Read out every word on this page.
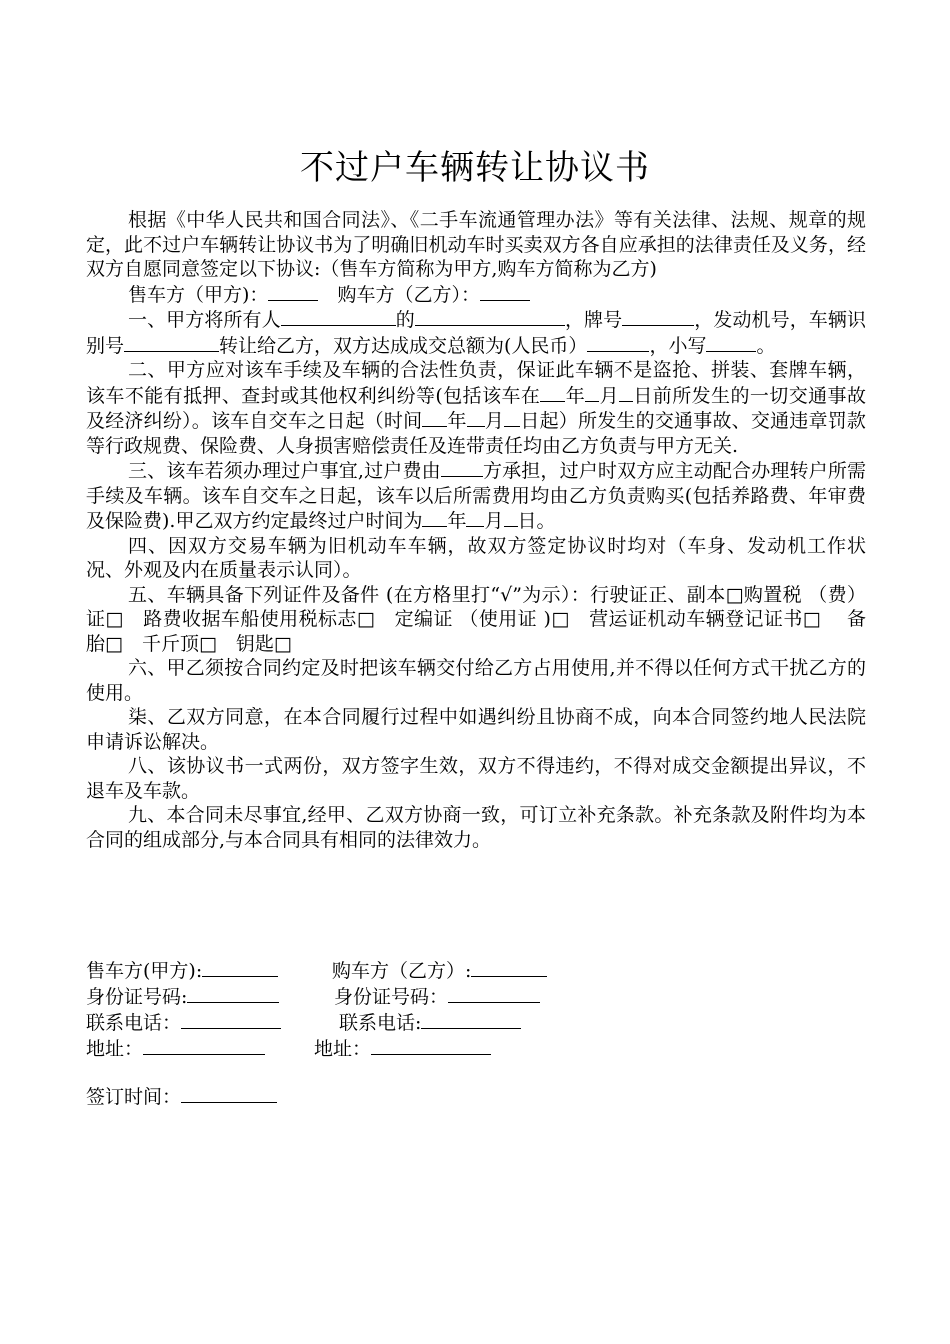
不过户车辆转让协议书

根据《中华人民共和国合同法》、《二手车流通管理办法》等有关法律、法规、规章的规定，此不过户车辆转让协议书为了明确旧机动车时买卖双方各自应承担的法律责任及义务，经双方自愿同意签定以下协议:（售车方简称为甲方,购车方简称为乙方)

售车方（甲方)：　	购车方（乙方）：

一、甲方将所有人	的	，牌号	，发动机号，车辆识别号	转让给乙方，双方达成成交总额为(人民币）	，小写	。

二、甲方应对该车手续及车辆的合法性负责，保证此车辆不是盗抢、拼装、套牌车辆，该车不能有抵押、查封或其他权利纠纷等(包括该车在 年 月 日前所发生的一切交通事故及经济纠纷）。该车自交车之日起（时间 年 月 日起）所发生的交通事故、交通违章罚款等行政规费、保险费、人身损害赔偿责任及连带责任均由乙方负责与甲方无关.

三、该车若须办理过户事宜,过户费由 方承担，过户时双方应主动配合办理转户所需手续及车辆。该车自交车之日起，该车以后所需费用均由乙方负责购买(包括养路费、年审费及保险费).甲乙双方约定最终过户时间为 年 月 日。

四、因双方交易车辆为旧机动车车辆，故双方签定协议时均对（车身、发动机工作状况、外观及内在质量表示认同）。

五、车辆具备下列证件及备件 (在方格里打“√”为示）：行驶证正、副本□购置税 （费）证□　路费收据车船使用税标志□　定编证 （使用证 )□　营运证机动车辆登记证书□　 备胎□　千斤顶□　钥匙□

六、甲乙须按合同约定及时把该车辆交付给乙方占用使用,并不得以任何方式干扰乙方的使用。

柒、乙双方同意，在本合同履行过程中如遇纠纷且协商不成，向本合同签约地人民法院申请诉讼解决。

八、该协议书一式两份，双方签字生效，双方不得违约，不得对成交金额提出异议，不退车及车款。

九、本合同未尽事宜,经甲、乙双方协商一致，可订立补充条款。补充条款及附件均为本合同的组成部分,与本合同具有相同的法律效力。

售车方(甲方):	购车方（乙方）:
身份证号码:	身份证号码：
联系电话：	联系电话:
地址：	地址：
签订时间：
